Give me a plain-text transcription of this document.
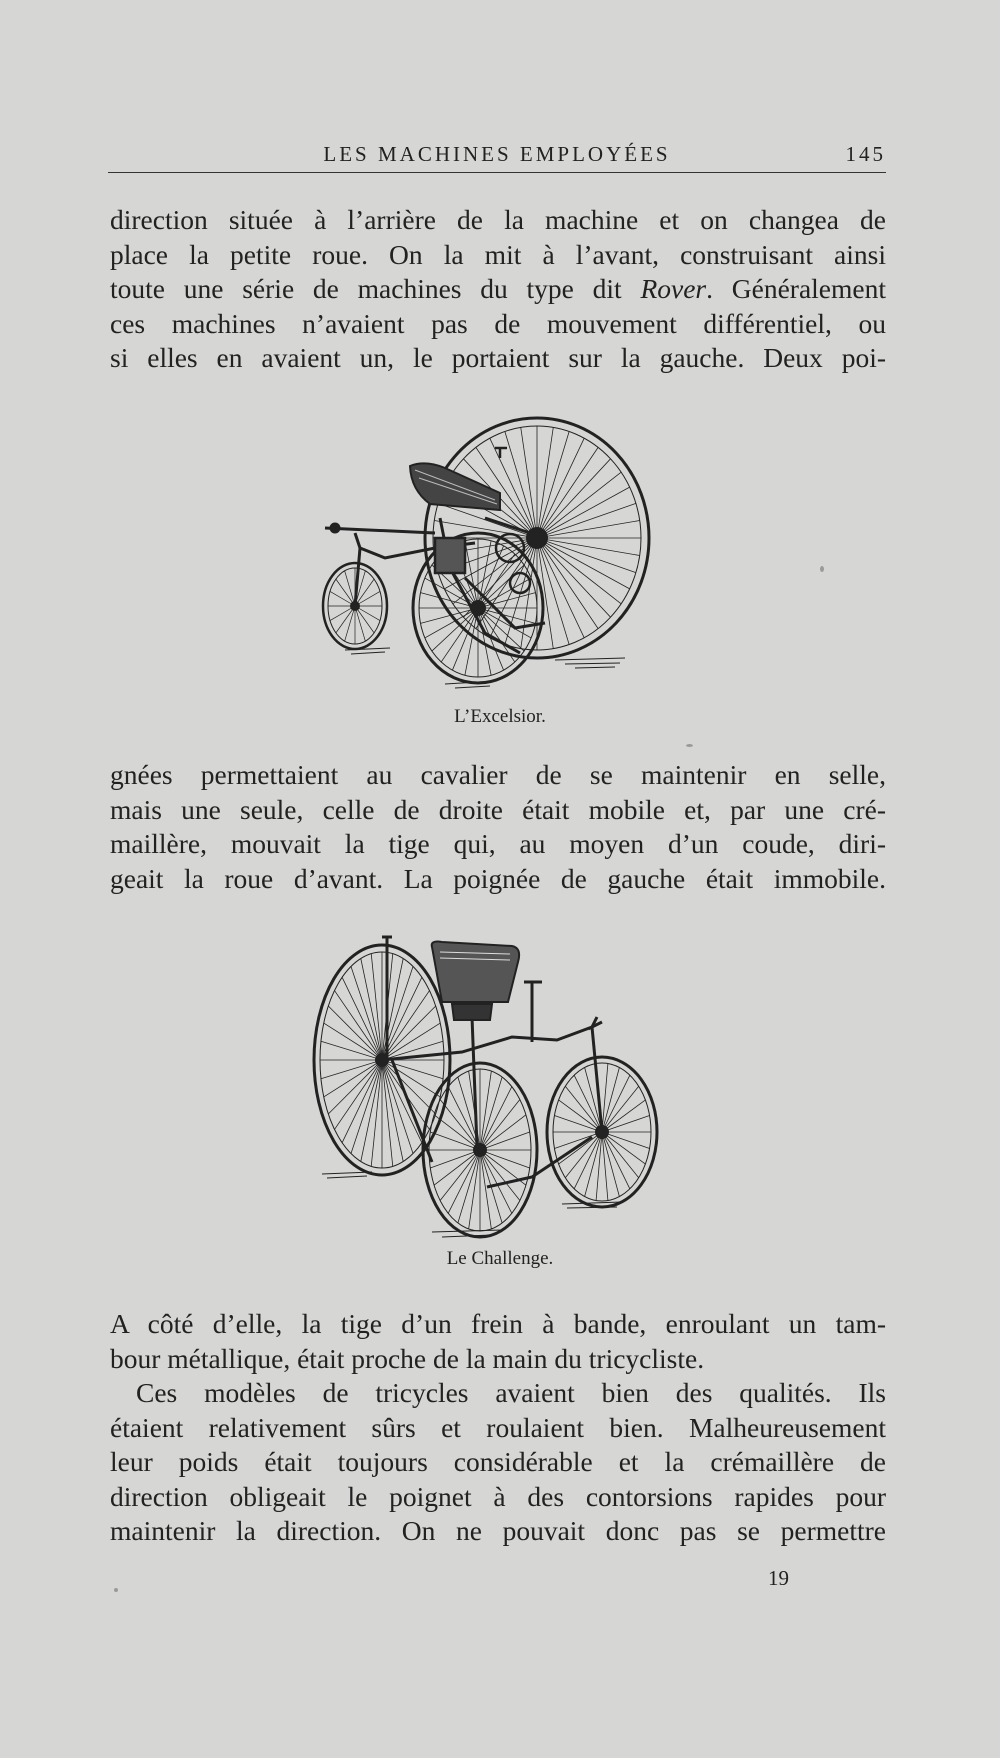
LES MACHINES EMPLOYÉES	145
direction située à l’arrière de la machine et on changea de
place la petite roue. On la mit à l’avant, construisant ainsi
toute une série de machines du type dit Rover. Généralement
ces machines n’avaient pas de mouvement différentiel, ou
si elles en avaient un, le portaient sur la gauche. Deux poi-
L’Excelsior.
gnées permettaient au cavalier de se maintenir en selle,
mais une seule, celle de droite était mobile et, par une cré-
maillère, mouvait la tige qui, au moyen d’un coude, diri-
geait la roue d’avant. La poignée de gauche était immobile.
Le Challenge.
A côté d’elle, la tige d’un frein à bande, enroulant un tam-
bour métallique, était proche de la main du tricycliste.
Ces modèles de tricycles avaient bien des qualités. Ils
étaient relativement sûrs et roulaient bien. Malheureusement
leur poids était toujours considérable et la crémaillère de
direction obligeait le poignet à des contorsions rapides pour
maintenir la direction. On ne pouvait donc pas se permettre
19
